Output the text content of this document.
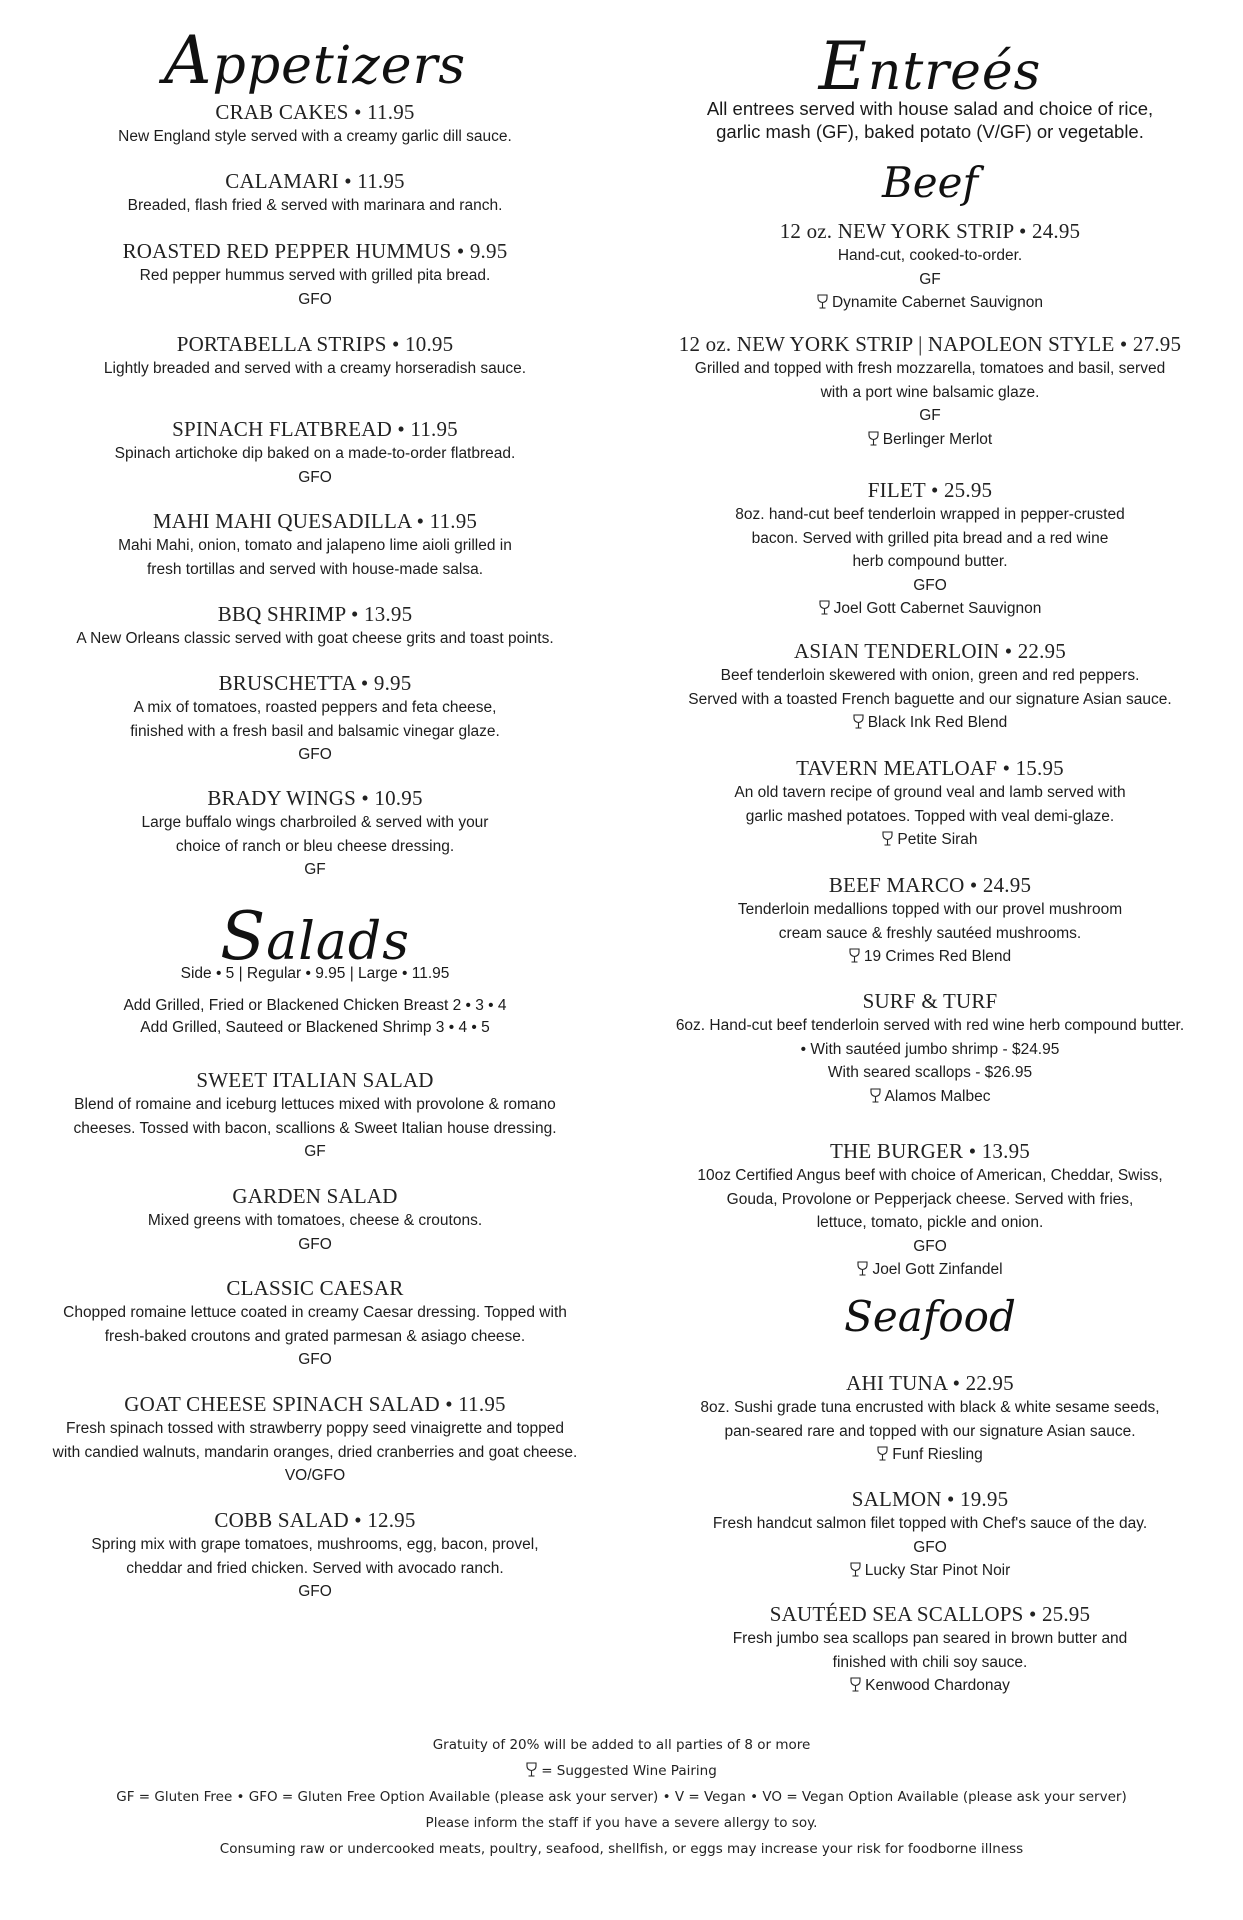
Appetizers
CRAB CAKES • 11.95
New England style served with a creamy garlic dill sauce.
CALAMARI • 11.95
Breaded, flash fried & served with marinara and ranch.
ROASTED RED PEPPER HUMMUS • 9.95
Red pepper hummus served with grilled pita bread.
GFO
PORTABELLA STRIPS • 10.95
Lightly breaded and served with a creamy horseradish sauce.
SPINACH FLATBREAD • 11.95
Spinach artichoke dip baked on a made-to-order flatbread.
GFO
MAHI MAHI QUESADILLA • 11.95
Mahi Mahi, onion, tomato and jalapeno lime aioli grilled in
fresh tortillas and served with house-made salsa.
BBQ SHRIMP • 13.95
A New Orleans classic served with goat cheese grits and toast points.
BRUSCHETTA • 9.95
A mix of tomatoes, roasted peppers and feta cheese,
finished with a fresh basil and balsamic vinegar glaze.
GFO
BRADY WINGS • 10.95
Large buffalo wings charbroiled & served with your
choice of ranch or bleu cheese dressing.
GF
Salads
Side • 5 | Regular • 9.95 | Large • 11.95
Add Grilled, Fried or Blackened Chicken Breast 2 • 3 • 4
Add Grilled, Sauteed or Blackened Shrimp 3 • 4 • 5
SWEET ITALIAN SALAD
Blend of romaine and iceburg lettuces mixed with provolone & romano
cheeses. Tossed with bacon, scallions & Sweet Italian house dressing.
GF
GARDEN SALAD
Mixed greens with tomatoes, cheese & croutons.
GFO
CLASSIC CAESAR
Chopped romaine lettuce coated in creamy Caesar dressing. Topped with
fresh-baked croutons and grated parmesan & asiago cheese.
GFO
GOAT CHEESE SPINACH SALAD • 11.95
Fresh spinach tossed with strawberry poppy seed vinaigrette and topped
with candied walnuts, mandarin oranges, dried cranberries and goat cheese.
VO/GFO
COBB SALAD • 12.95
Spring mix with grape tomatoes, mushrooms, egg, bacon, provel,
cheddar and fried chicken. Served with avocado ranch.
GFO
Entreés
All entrees served with house salad and choice of rice,
garlic mash (GF), baked potato (V/GF) or vegetable.
Beef
12 oz. NEW YORK STRIP • 24.95
Hand-cut, cooked-to-order.
GF
Dynamite Cabernet Sauvignon
12 oz. NEW YORK STRIP | NAPOLEON STYLE • 27.95
Grilled and topped with fresh mozzarella, tomatoes and basil, served
with a port wine balsamic glaze.
GF
Berlinger Merlot
FILET • 25.95
8oz. hand-cut beef tenderloin wrapped in pepper-crusted
bacon. Served with grilled pita bread and a red wine
herb compound butter.
GFO
Joel Gott Cabernet Sauvignon
ASIAN TENDERLOIN • 22.95
Beef tenderloin skewered with onion, green and red peppers.
Served with a toasted French baguette and our signature Asian sauce.
Black Ink Red Blend
TAVERN MEATLOAF • 15.95
An old tavern recipe of ground veal and lamb served with
garlic mashed potatoes. Topped with veal demi-glaze.
Petite Sirah
BEEF MARCO • 24.95
Tenderloin medallions topped with our provel mushroom
cream sauce & freshly sautéed mushrooms.
19 Crimes Red Blend
SURF & TURF
6oz. Hand-cut beef tenderloin served with red wine herb compound butter.
• With sautéed jumbo shrimp - $24.95
With seared scallops - $26.95
Alamos Malbec
THE BURGER • 13.95
10oz Certified Angus beef with choice of American, Cheddar, Swiss,
Gouda, Provolone or Pepperjack cheese. Served with fries,
lettuce, tomato, pickle and onion.
GFO
Joel Gott Zinfandel
Seafood
AHI TUNA • 22.95
8oz. Sushi grade tuna encrusted with black & white sesame seeds,
pan-seared rare and topped with our signature Asian sauce.
Funf Riesling
SALMON • 19.95
Fresh handcut salmon filet topped with Chef's sauce of the day.
GFO
Lucky Star Pinot Noir
SAUTÉED SEA SCALLOPS • 25.95
Fresh jumbo sea scallops pan seared in brown butter and
finished with chili soy sauce.
Kenwood Chardonay
Gratuity of 20% will be added to all parties of 8 or more
= Suggested Wine Pairing
GF = Gluten Free • GFO = Gluten Free Option Available (please ask your server) • V = Vegan • VO = Vegan Option Available (please ask your server)
Please inform the staff if you have a severe allergy to soy.
Consuming raw or undercooked meats, poultry, seafood, shellfish, or eggs may increase your risk for foodborne illness
